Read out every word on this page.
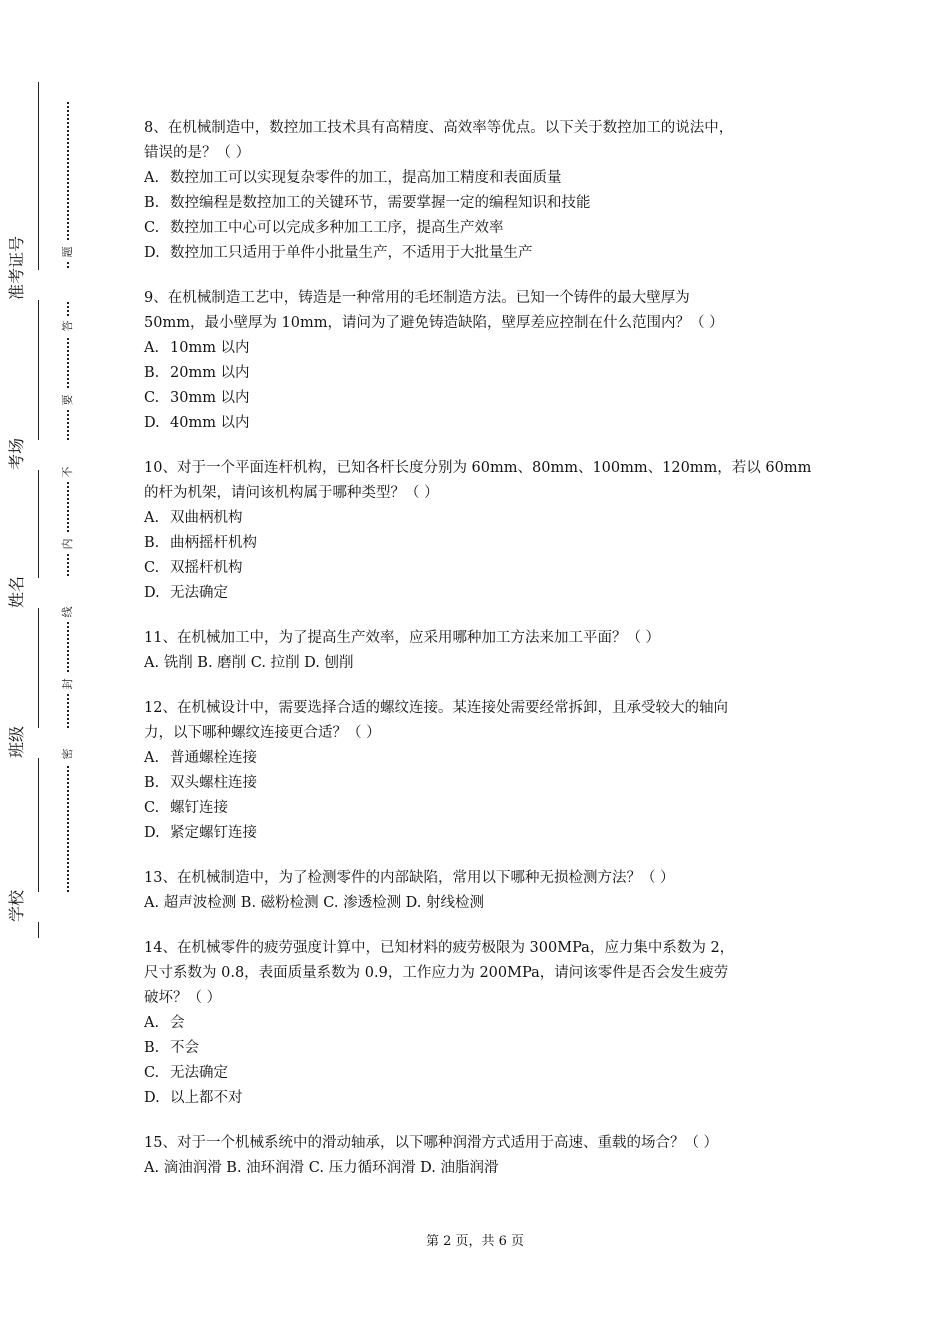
准考证号
考场
姓名
班级
学校
题
答
要
不
内
线
封
密
8、在机械制造中，数控加工技术具有高精度、高效率等优点。以下关于数控加工的说法中，
错误的是？（ ）
A. 数控加工可以实现复杂零件的加工，提高加工精度和表面质量
B. 数控编程是数控加工的关键环节，需要掌握一定的编程知识和技能
C. 数控加工中心可以完成多种加工工序，提高生产效率
D. 数控加工只适用于单件小批量生产，不适用于大批量生产
9、在机械制造工艺中，铸造是一种常用的毛坯制造方法。已知一个铸件的最大壁厚为
50mm，最小壁厚为 10mm，请问为了避免铸造缺陷，壁厚差应控制在什么范围内？（ ）
A. 10mm 以内
B. 20mm 以内
C. 30mm 以内
D. 40mm 以内
10、对于一个平面连杆机构，已知各杆长度分别为 60mm、80mm、100mm、120mm，若以 60mm
的杆为机架，请问该机构属于哪种类型？（ ）
A. 双曲柄机构
B. 曲柄摇杆机构
C. 双摇杆机构
D. 无法确定
11、在机械加工中，为了提高生产效率，应采用哪种加工方法来加工平面？（ ）
A. 铣削 B. 磨削 C. 拉削 D. 刨削
12、在机械设计中，需要选择合适的螺纹连接。某连接处需要经常拆卸，且承受较大的轴向
力，以下哪种螺纹连接更合适？（ ）
A. 普通螺栓连接
B. 双头螺柱连接
C. 螺钉连接
D. 紧定螺钉连接
13、在机械制造中，为了检测零件的内部缺陷，常用以下哪种无损检测方法？（ ）
A. 超声波检测 B. 磁粉检测 C. 渗透检测 D. 射线检测
14、在机械零件的疲劳强度计算中，已知材料的疲劳极限为 300MPa，应力集中系数为 2，
尺寸系数为 0.8，表面质量系数为 0.9，工作应力为 200MPa，请问该零件是否会发生疲劳
破坏？（ ）
A. 会
B. 不会
C. 无法确定
D. 以上都不对
15、对于一个机械系统中的滑动轴承，以下哪种润滑方式适用于高速、重载的场合？（ ）
A. 滴油润滑 B. 油环润滑 C. 压力循环润滑 D. 油脂润滑
第 2 页，共 6 页
